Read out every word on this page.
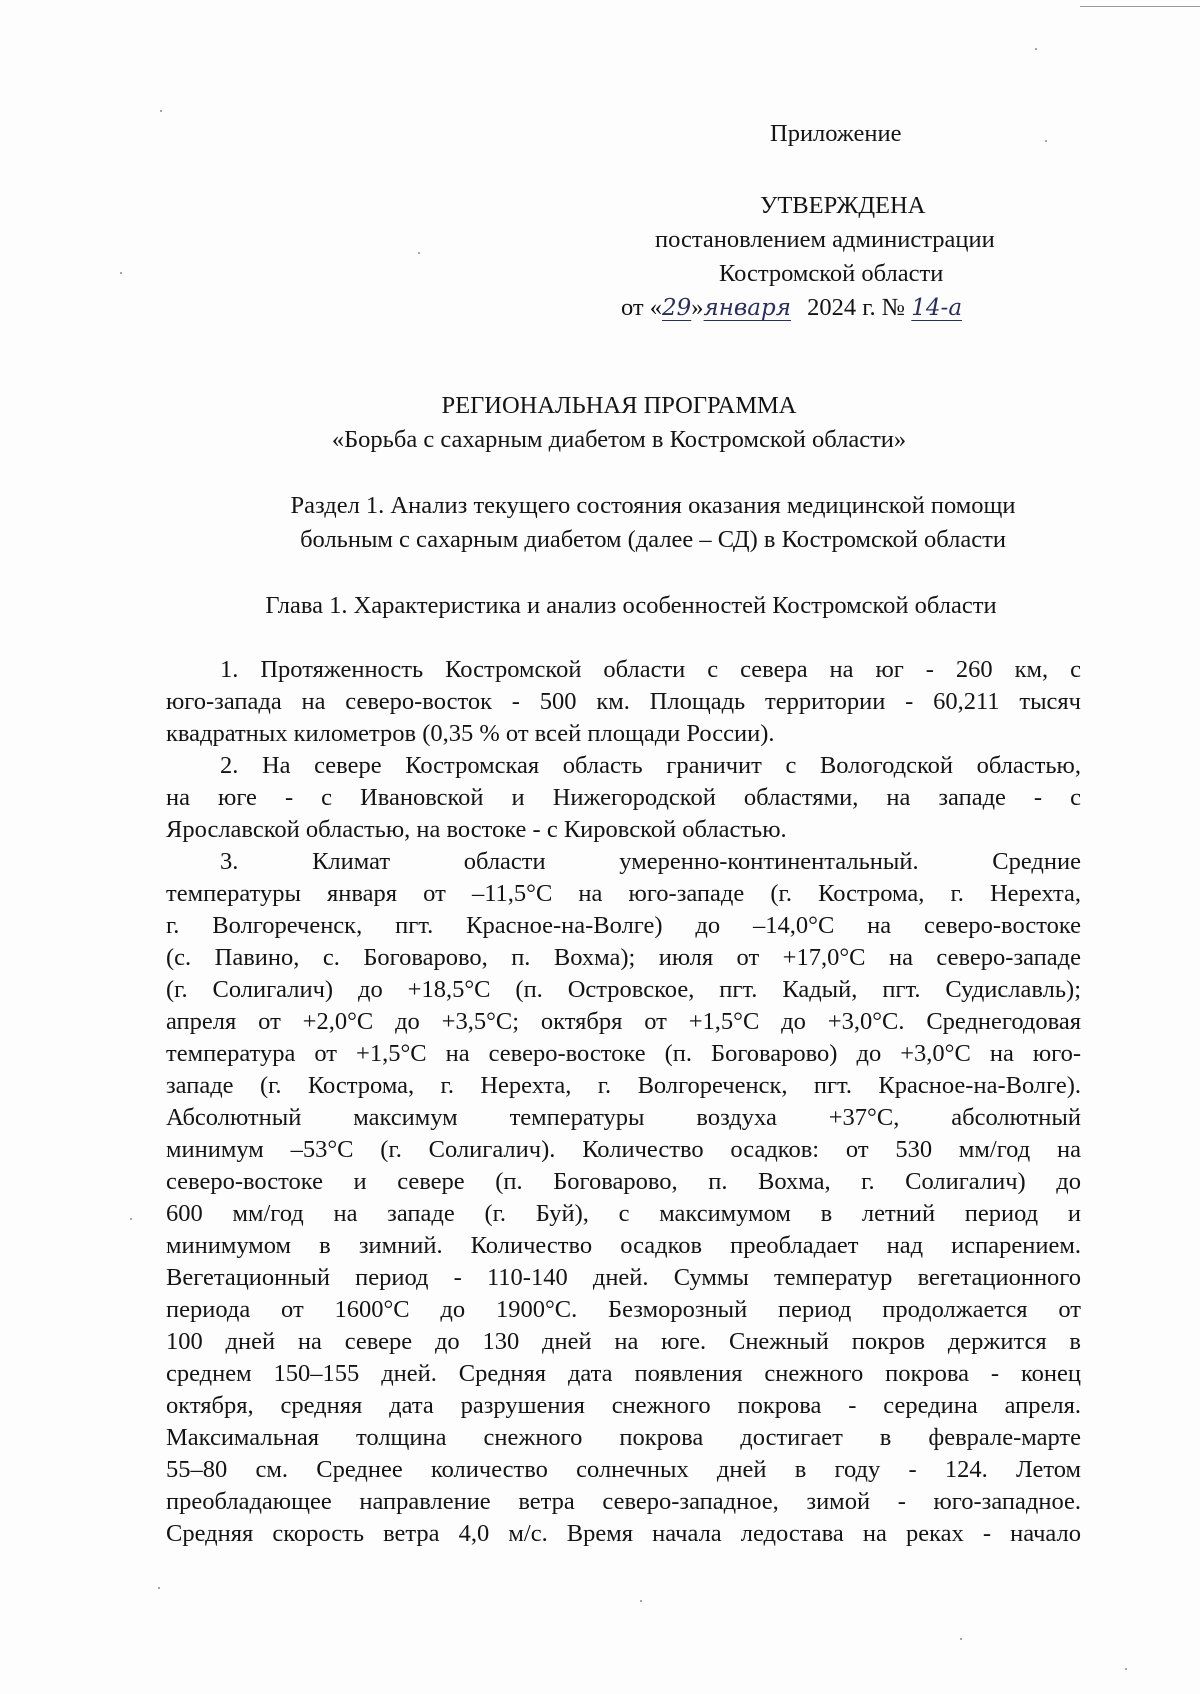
Приложение
УТВЕРЖДЕНА
постановлением администрации
Костромской области
от «29»января 2024 г. № 14-а
РЕГИОНАЛЬНАЯ ПРОГРАММА
«Борьба с сахарным диабетом в Костромской области»
Раздел 1. Анализ текущего состояния оказания медицинской помощи
больным с сахарным диабетом (далее – СД) в Костромской области
Глава 1. Характеристика и анализ особенностей Костромской области
1. Протяженность Костромской области с севера на юг - 260 км, с
юго-запада на северо-восток - 500 км. Площадь территории - 60,211 тысяч
квадратных километров (0,35 % от всей площади России).
2. На севере Костромская область граничит с Вологодской областью,
на юге - с Ивановской и Нижегородской областями, на западе - с
Ярославской областью, на востоке - с Кировской областью.
3. Климат области умеренно-континентальный. Средние
температуры января от –11,5°С на юго-западе (г. Кострома, г. Нерехта,
г. Волгореченск, пгт. Красное-на-Волге) до –14,0°С на северо-востоке
(с. Павино, с. Боговарово, п. Вохма); июля от +17,0°С на северо-западе
(г. Солигалич) до +18,5°С (п. Островское, пгт. Кадый, пгт. Судиславль);
апреля от +2,0°С до +3,5°С; октября от +1,5°С до +3,0°С. Среднегодовая
температура от +1,5°С на северо-востоке (п. Боговарово) до +3,0°С на юго-
западе (г. Кострома, г. Нерехта, г. Волгореченск, пгт. Красное-на-Волге).
Абсолютный максимум температуры воздуха +37°С, абсолютный
минимум –53°С (г. Солигалич). Количество осадков: от 530 мм/год на
северо-востоке и севере (п. Боговарово, п. Вохма, г. Солигалич) до
600 мм/год на западе (г. Буй), с максимумом в летний период и
минимумом в зимний. Количество осадков преобладает над испарением.
Вегетационный период - 110-140 дней. Суммы температур вегетационного
периода от 1600°С до 1900°С. Безморозный период продолжается от
100 дней на севере до 130 дней на юге. Снежный покров держится в
среднем 150–155 дней. Средняя дата появления снежного покрова - конец
октября, средняя дата разрушения снежного покрова - середина апреля.
Максимальная толщина снежного покрова достигает в феврале-марте
55–80 см. Среднее количество солнечных дней в году - 124. Летом
преобладающее направление ветра северо-западное, зимой - юго-западное.
Средняя скорость ветра 4,0 м/с. Время начала ледостава на реках - начало
